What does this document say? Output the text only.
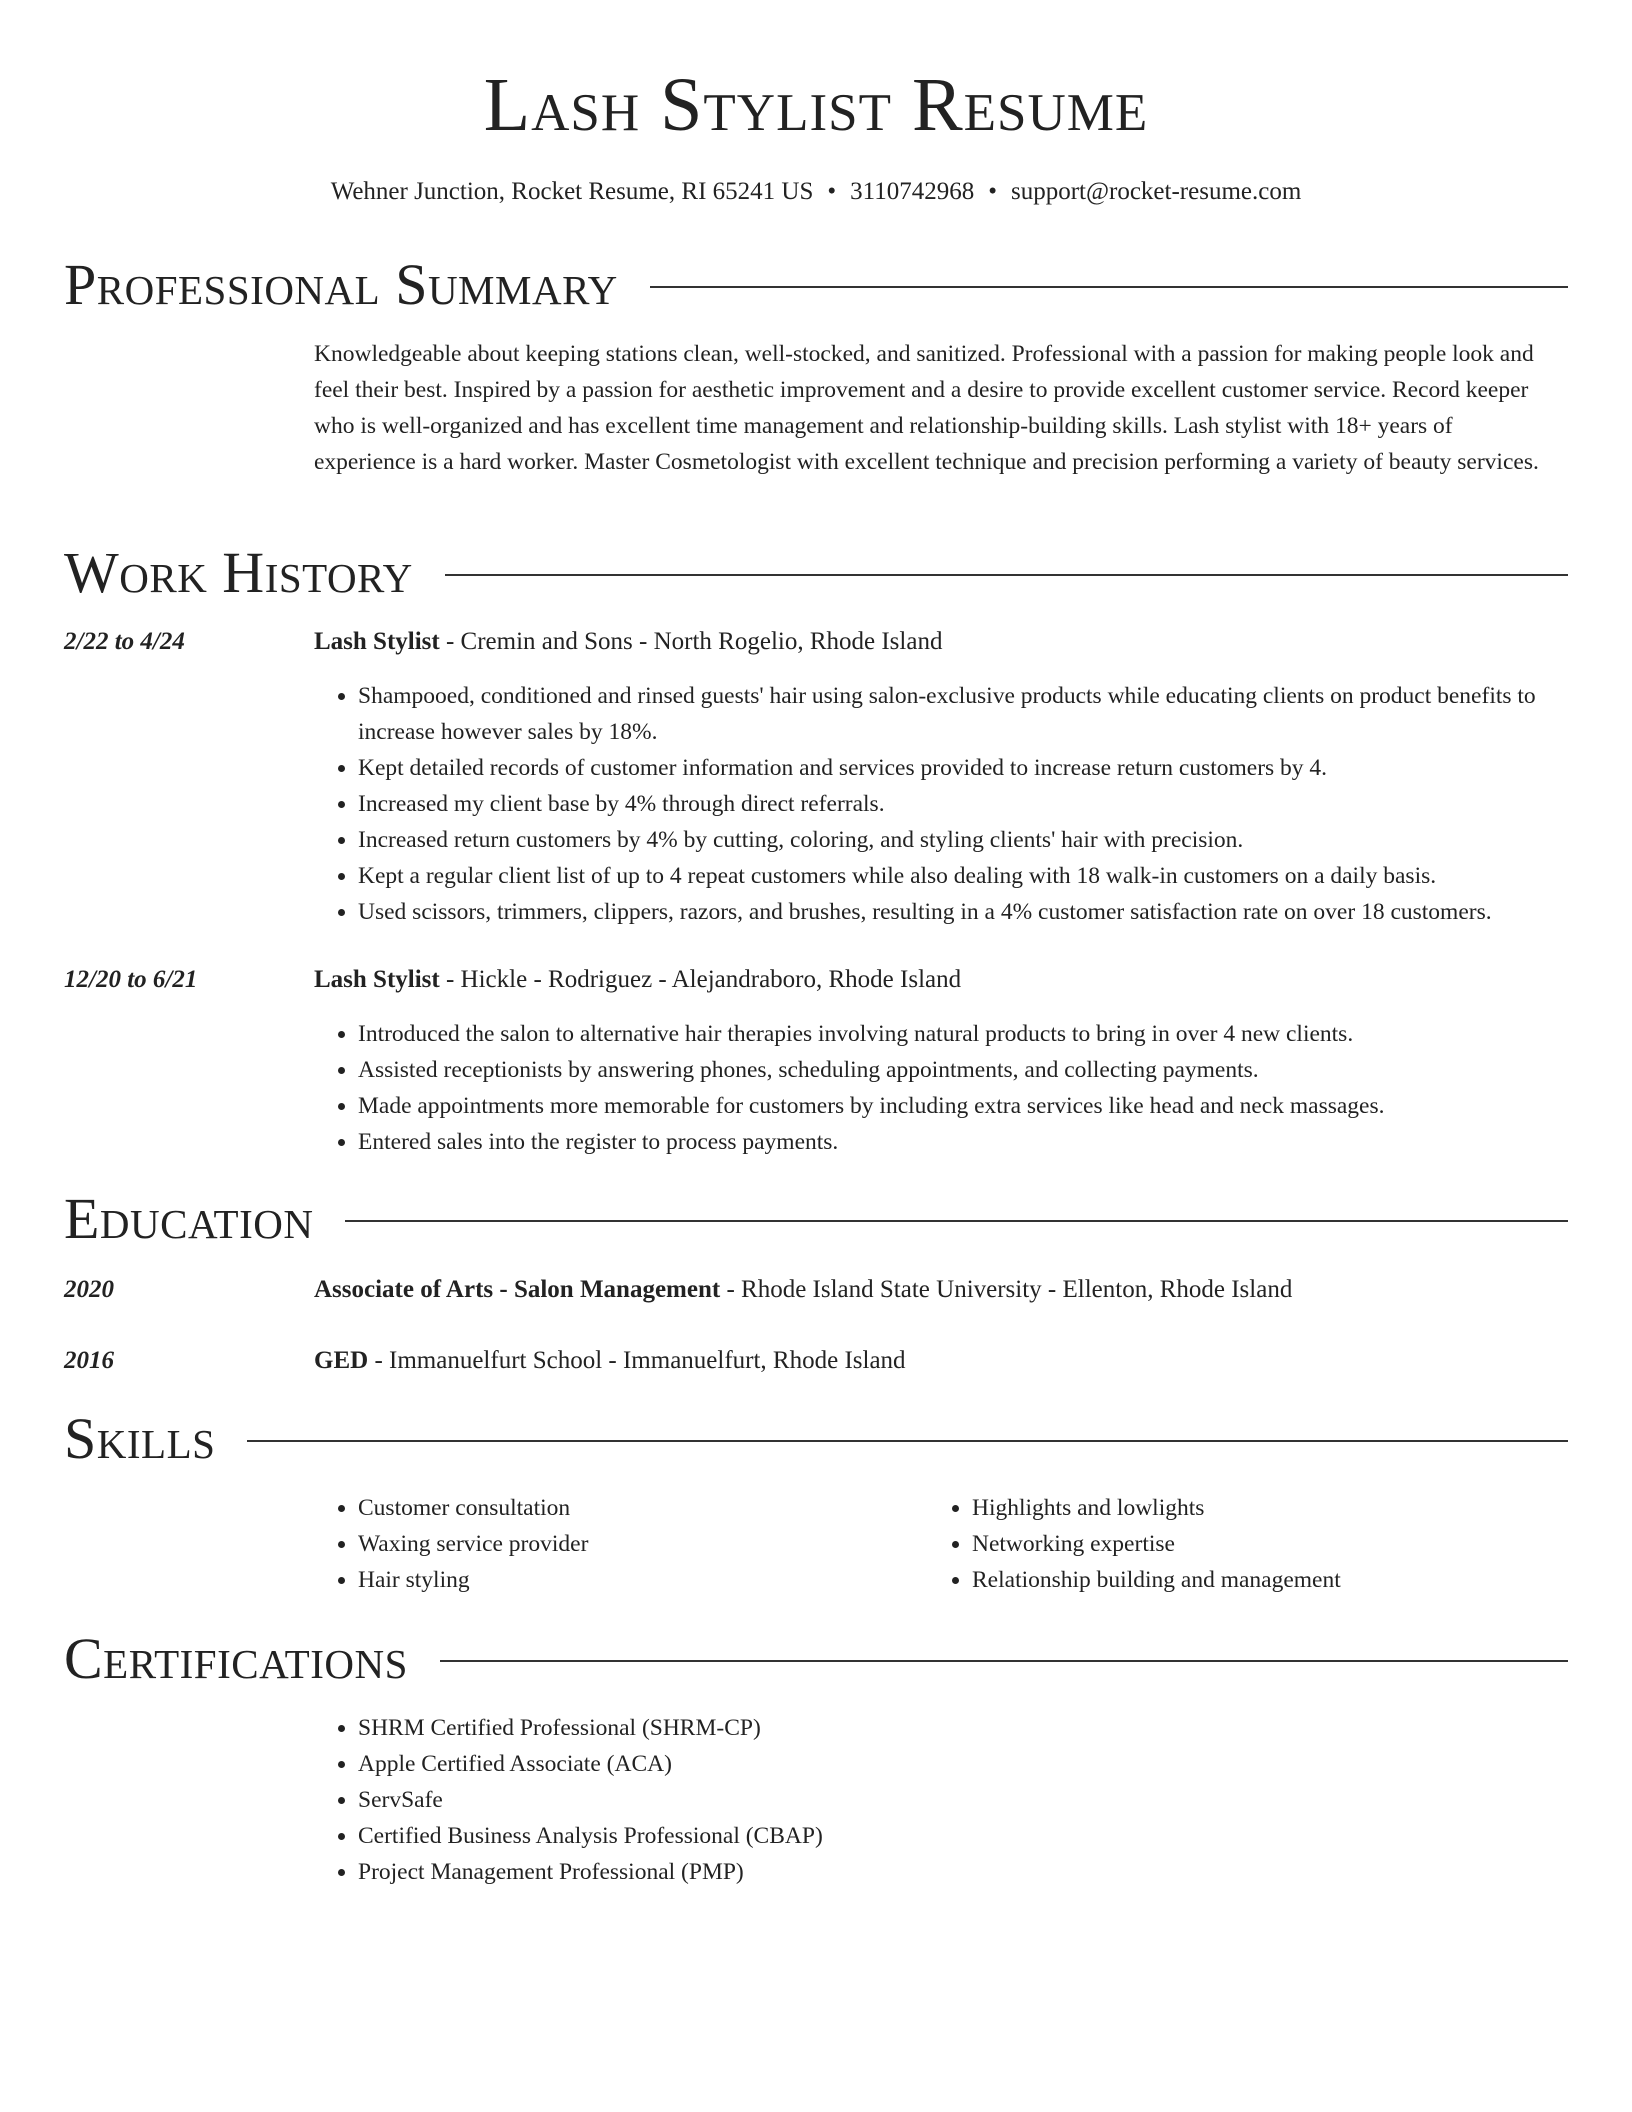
Lash Stylist Resume
Wehner Junction, Rocket Resume, RI 65241 US • 3110742968 • support@rocket-resume.com
Professional Summary
Knowledgeable about keeping stations clean, well-stocked, and sanitized. Professional with a passion for making people look and feel their best. Inspired by a passion for aesthetic improvement and a desire to provide excellent customer service. Record keeper who is well-organized and has excellent time management and relationship-building skills. Lash stylist with 18+ years of experience is a hard worker. Master Cosmetologist with excellent technique and precision performing a variety of beauty services.
Work History
2/22 to 4/24	Lash Stylist - Cremin and Sons - North Rogelio, Rhode Island
• Shampooed, conditioned and rinsed guests' hair using salon-exclusive products while educating clients on product benefits to increase however sales by 18%.
• Kept detailed records of customer information and services provided to increase return customers by 4.
• Increased my client base by 4% through direct referrals.
• Increased return customers by 4% by cutting, coloring, and styling clients' hair with precision.
• Kept a regular client list of up to 4 repeat customers while also dealing with 18 walk-in customers on a daily basis.
• Used scissors, trimmers, clippers, razors, and brushes, resulting in a 4% customer satisfaction rate on over 18 customers.
12/20 to 6/21	Lash Stylist - Hickle - Rodriguez - Alejandraboro, Rhode Island
• Introduced the salon to alternative hair therapies involving natural products to bring in over 4 new clients.
• Assisted receptionists by answering phones, scheduling appointments, and collecting payments.
• Made appointments more memorable for customers by including extra services like head and neck massages.
• Entered sales into the register to process payments.
Education
2020	Associate of Arts - Salon Management - Rhode Island State University - Ellenton, Rhode Island
2016	GED - Immanuelfurt School - Immanuelfurt, Rhode Island
Skills
• Customer consultation
• Waxing service provider
• Hair styling
• Highlights and lowlights
• Networking expertise
• Relationship building and management
Certifications
• SHRM Certified Professional (SHRM-CP)
• Apple Certified Associate (ACA)
• ServSafe
• Certified Business Analysis Professional (CBAP)
• Project Management Professional (PMP)
